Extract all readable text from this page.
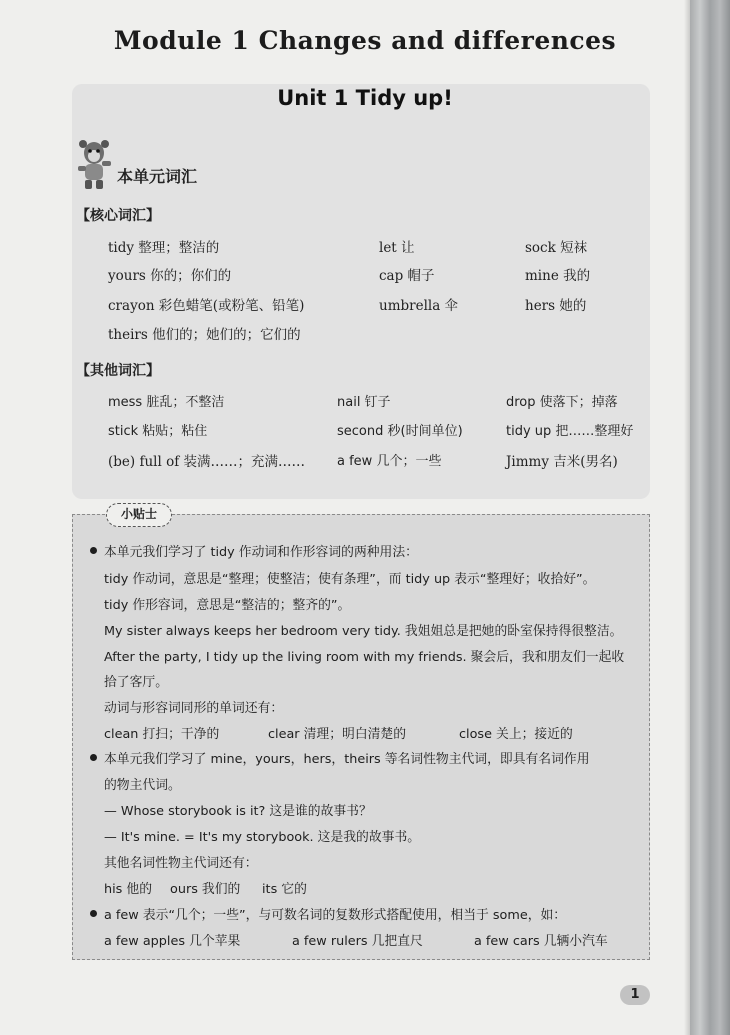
Module 1 Changes and differences
Unit 1 Tidy up!
本单元词汇
【核心词汇】
tidy 整理；整洁的	let 让	sock 短袜
yours 你的；你们的	cap 帽子	mine 我的
crayon 彩色蜡笔(或粉笔、铅笔)	umbrella 伞	hers 她的
theirs 他们的；她们的；它们的
【其他词汇】
mess 脏乱；不整洁	nail 钉子	drop 使落下；掉落
stick 粘贴；粘住	second 秒(时间单位)	tidy up 把……整理好
(be) full of 装满……；充满…… a few 几个；一些	Jimmy 吉米(男名)
小贴士
本单元我们学习了 tidy 作动词和作形容词的两种用法：
tidy 作动词，意思是“整理；使整洁；使有条理”，而 tidy up 表示“整理好；收拾好”。
tidy 作形容词，意思是“整洁的；整齐的”。
My sister always keeps her bedroom very tidy. 我姐姐总是把她的卧室保持得很整洁。
After the party, I tidy up the living room with my friends. 聚会后，我和朋友们一起收
拾了客厅。
动词与形容词同形的单词还有：
clean 打扫；干净的	clear 清理；明白清楚的	close 关上；接近的
本单元我们学习了 mine，yours，hers，theirs 等名词性物主代词，即具有名词作用
的物主代词。
— Whose storybook is it? 这是谁的故事书？
— It's mine. = It's my storybook. 这是我的故事书。
其他名词性物主代词还有：
his 他的 ours 我们的 its 它的
a few 表示“几个；一些”，与可数名词的复数形式搭配使用，相当于 some，如：
a few apples 几个苹果	a few rulers 几把直尺	a few cars 几辆小汽车
1
